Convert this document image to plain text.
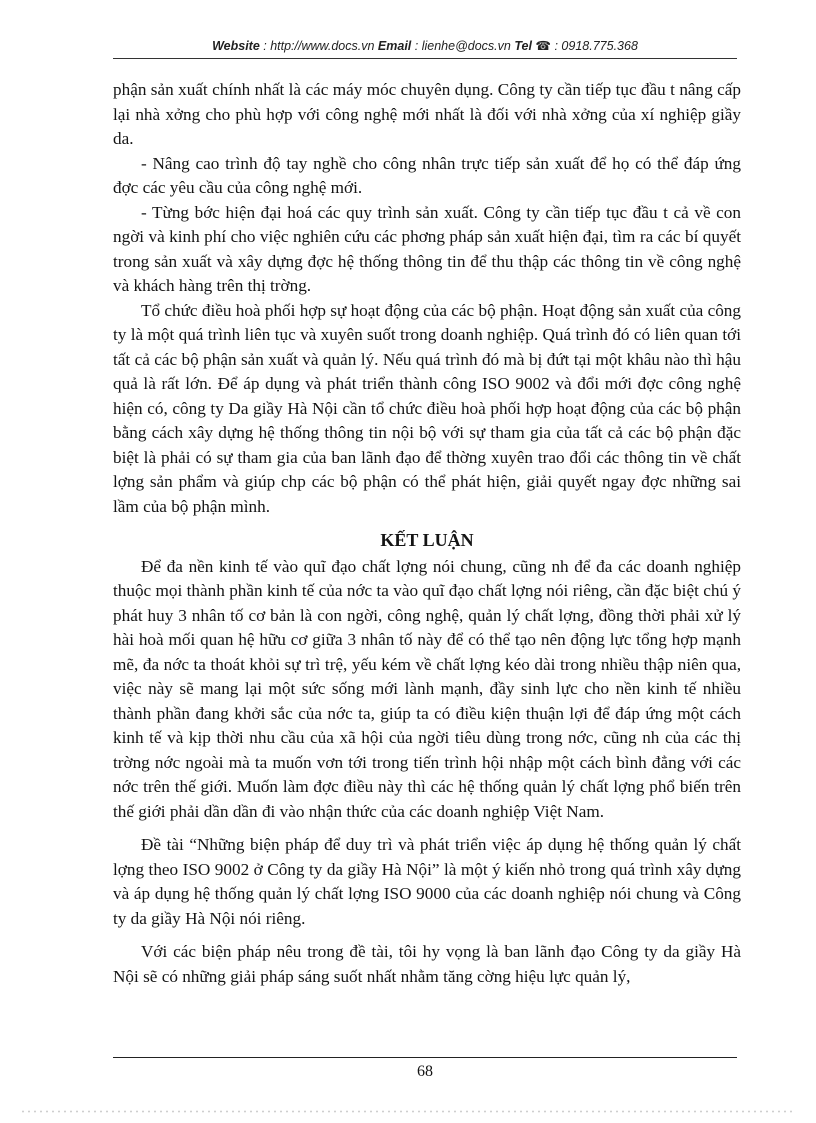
Website : http://www.docs.vn Email : lienhe@docs.vn Tel ☎ : 0918.775.368

phận sản xuất chính nhất là các máy móc chuyên dụng. Công ty cần tiếp tục đầu t nâng cấp lại nhà xởng cho phù hợp với công nghệ mới nhất là đối với nhà xởng của xí nghiệp giầy da.

- Nâng cao trình độ tay nghề cho công nhân trực tiếp sản xuất để họ có thể đáp ứng đợc các yêu cầu của công nghệ mới.

- Từng bớc hiện đại hoá các quy trình sản xuất. Công ty cần tiếp tục đầu t cả về con ngời và kinh phí cho việc nghiên cứu các phơng pháp sản xuất hiện đại, tìm ra các bí quyết trong sản xuất và xây dựng đợc hệ thống thông tin để thu thập các thông tin về công nghệ và khách hàng trên thị trờng.

Tổ chức điều hoà phối hợp sự hoạt động của các bộ phận. Hoạt động sản xuất của công ty là một quá trình liên tục và xuyên suốt trong doanh nghiệp. Quá trình đó có liên quan tới tất cả các bộ phận sản xuất và quản lý. Nếu quá trình đó mà bị đứt tại một khâu nào thì hậu quả là rất lớn. Để áp dụng và phát triển thành công ISO 9002 và đổi mới đợc công nghệ hiện có, công ty Da giầy Hà Nội cần tổ chức điều hoà phối hợp hoạt động của các bộ phận bằng cách xây dựng hệ thống thông tin nội bộ với sự tham gia của tất cả các bộ phận đặc biệt là phải có sự tham gia của ban lãnh đạo để thờng xuyên trao đổi các thông tin về chất lợng sản phẩm và giúp chp các bộ phận có thể phát hiện, giải quyết ngay đợc những sai lầm của bộ phận mình.

KẾT LUẬN

Để đa nền kinh tế vào quĩ đạo chất lợng nói chung, cũng nh để đa các doanh nghiệp thuộc mọi thành phần kinh tế của nớc ta vào quĩ đạo chất lợng nói riêng, cần đặc biệt chú ý phát huy 3 nhân tố cơ bản là con ngời, công nghệ, quản lý chất lợng, đồng thời phải xử lý hài hoà mối quan hệ hữu cơ giữa 3 nhân tố này để có thể tạo nên động lực tổng hợp mạnh mẽ, đa nớc ta thoát khỏi sự trì trệ, yếu kém về chất lợng kéo dài trong nhiều thập niên qua, việc này sẽ mang lại một sức sống mới lành mạnh, đầy sinh lực cho nền kinh tế nhiều thành phần đang khởi sắc của nớc ta, giúp ta có điều kiện thuận lợi để đáp ứng một cách kinh tế và kịp thời nhu cầu của xã hội của ngời tiêu dùng trong nớc, cũng nh của các thị trờng nớc ngoài mà ta muốn vơn tới trong tiến trình hội nhập một cách bình đẳng với các nớc trên thế giới. Muốn làm đợc điều này thì các hệ thống quản lý chất lợng phổ biến trên thế giới phải dần dần đi vào nhận thức của các doanh nghiệp Việt Nam.

Đề tài “Những biện pháp để duy trì và phát triển việc áp dụng hệ thống quản lý chất lợng theo ISO 9002 ở Công ty da giầy Hà Nội” là một ý kiến nhỏ trong quá trình xây dựng và áp dụng hệ thống quản lý chất lợng ISO 9000 của các doanh nghiệp nói chung và Công ty da giầy Hà Nội nói riêng.

Với các biện pháp nêu trong đề tài, tôi hy vọng là ban lãnh đạo Công ty da giầy Hà Nội sẽ có những giải pháp sáng suốt nhất nhằm tăng cờng hiệu lực quản lý,

68
